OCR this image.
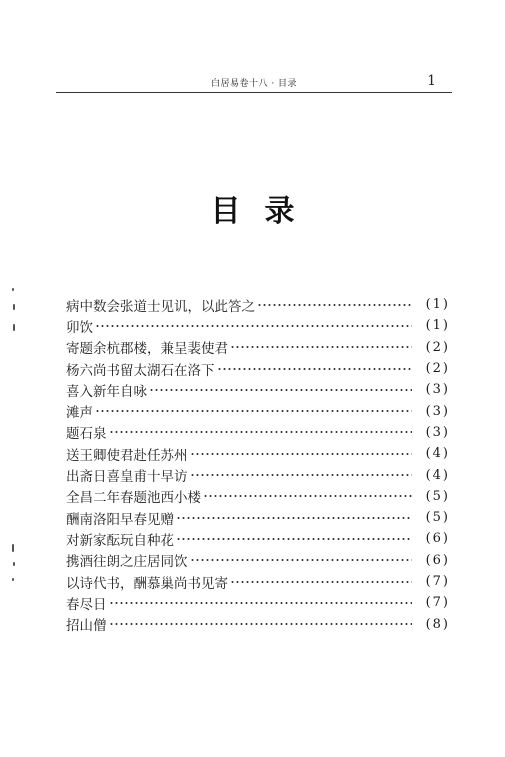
白居易卷十八 · 目录	1
目录
病中数会张道士见讥，以此答之	(1)
卯饮	(1)
寄题余杭郡楼，兼呈裴使君	(2)
杨六尚书留太湖石在洛下	(2)
喜入新年自咏	(3)
滩声	(3)
题石泉	(3)
送王卿使君赴任苏州	(4)
出斋日喜皇甫十早访	(4)
全昌二年春题池西小楼	(5)
酬南洛阳早春见赠	(5)
对新家酝玩自种花	(6)
携酒往朗之庄居同饮	(6)
以诗代书，酬慕巢尚书见寄	(7)
春尽日	(7)
招山僧	(8)
